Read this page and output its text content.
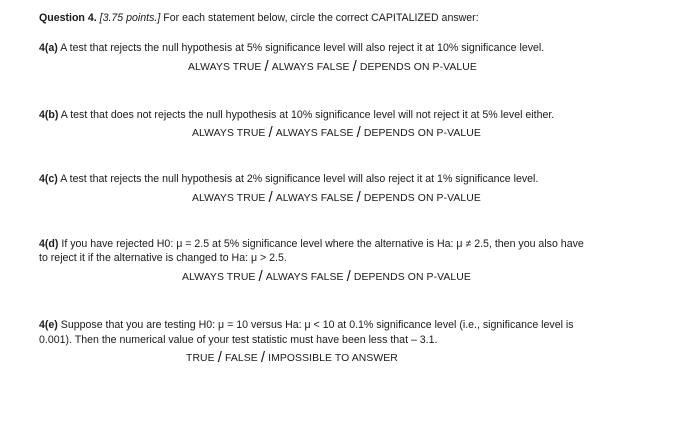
Question 4. [3.75 points.] For each statement below, circle the correct CAPITALIZED answer:
4(a) A test that rejects the null hypothesis at 5% significance level will also reject it at 10% significance level.
ALWAYS TRUE / ALWAYS FALSE / DEPENDS ON P-VALUE
4(b) A test that does not rejects the null hypothesis at 10% significance level will not reject it at 5% level either.
ALWAYS TRUE / ALWAYS FALSE / DEPENDS ON P-VALUE
4(c) A test that rejects the null hypothesis at 2% significance level will also reject it at 1% significance level.
ALWAYS TRUE / ALWAYS FALSE / DEPENDS ON P-VALUE
4(d) If you have rejected H0: μ = 2.5 at 5% significance level where the alternative is Ha: μ ≠ 2.5, then you also have
to reject it if the alternative is changed to Ha: μ > 2.5.
ALWAYS TRUE / ALWAYS FALSE / DEPENDS ON P-VALUE
4(e) Suppose that you are testing H0: μ = 10 versus Ha: μ < 10 at 0.1% significance level (i.e., significance level is
0.001). Then the numerical value of your test statistic must have been less that – 3.1.
TRUE / FALSE / IMPOSSIBLE TO ANSWER
